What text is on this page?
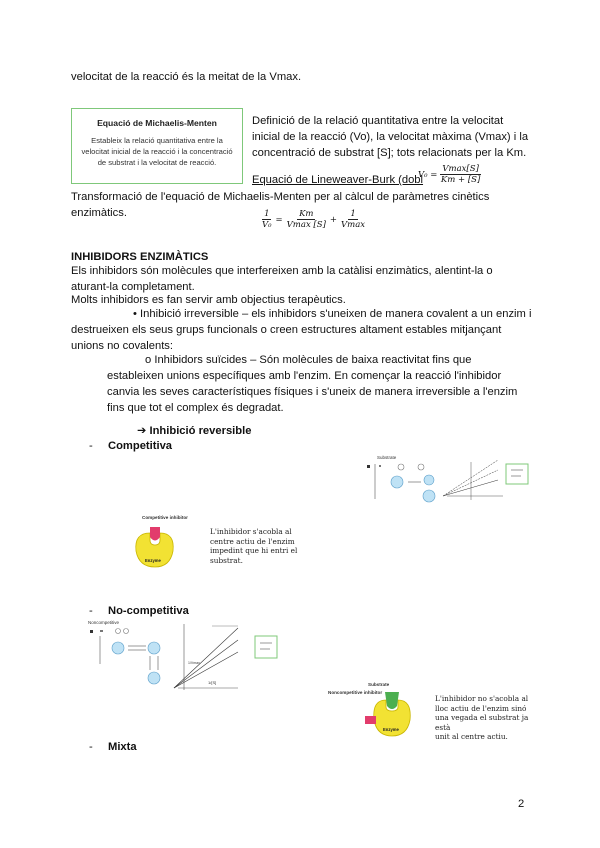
velocitat de la reacció és la meitat de la Vmax.
Equació de Michaelis-Menten
Estableix la relació quantitativa entre la velocitat inicial de la reacció i la concentració de substrat i la velocitat de reacció.
Definició de la relació quantitativa entre la velocitat
inicial de la reacció (Vo), la velocitat màxima (Vmax) i la
concentració de substrat [S]; tots relacionats per la Km.
Equació de Lineweaver-Burk (dobl
$V_0 = \frac{Vmax[S]}{Km + [S]}$
Transformació de l'equació de Michaelis-Menten per al càlcul de paràmetres cinètics
enzimàtics.	$\frac{1}{\text{V₀}} = \frac{Km}{Vmax [S]} + \frac{1}{Vmax}$
INHIBIDORS ENZIMÀTICS
Els inhibidors són molècules que interfereixen amb la catàlisi enzimàtics, alentint-la o
aturant-la completament.
Molts inhibidors es fan servir amb objectius terapèutics.
• Inhibició irreversible – els inhibidors s'uneixen de manera covalent a un enzim i
destrueixen els seus grups funcionals o creen estructures altament estables mitjançant
unions no covalents:
o Inhibidors suïcides – Són molècules de baixa reactivitat fins que
estableixen unions específiques amb l'enzim. En començar la reacció l'inhibidor
canvia les seves característiques físiques i s'uneix de manera irreversible a l'enzim
fins que tot el complex és degradat.
➔ Inhibició reversible
- Competitiva
Substrate
Competitive inhibitor
Enzyme
L'inhibidor s'acobla al
centre actiu de l'enzim
impedint que hi entri el
substrat.
- No-competitiva
Noncompetitive
1/[S]
1/Vmax
Substrate
Noncompetitive inhibitor
Enzyme
L'inhibidor no s'acobla al
lloc actiu de l'enzim sinó
una vegada el substrat ja està
unit al centre actiu.
- Mixta
2
